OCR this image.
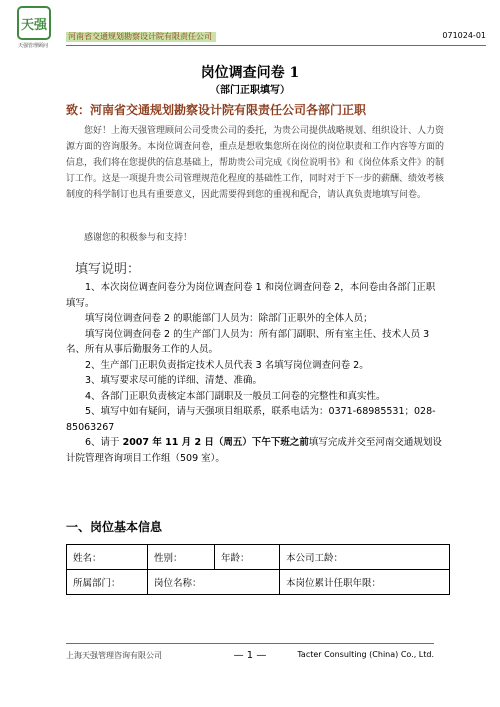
天强
天强管理顾问
河南省交通规划勘察设计院有限责任公司	071024-01
岗位调查问卷 1
（部门正职填写）
致：河南省交通规划勘察设计院有限责任公司各部门正职
您好！上海天强管理顾问公司受贵公司的委托，为贵公司提供战略规划、组织设计、人力资源方面的咨询服务。本岗位调查问卷，重点是想收集您所在岗位的岗位职责和工作内容等方面的信息，我们将在您提供的信息基础上，帮助贵公司完成《岗位说明书》和《岗位体系文件》的制订工作。这是一项提升贵公司管理规范化程度的基础性工作，同时对于下一步的薪酬、绩效考核制度的科学制订也具有重要意义，因此需要得到您的重视和配合，请认真负责地填写问卷。
感谢您的积极参与和支持！
填写说明：

1、本次岗位调查问卷分为岗位调查问卷 1 和岗位调查问卷 2，本问卷由各部门正职填写。

填写岗位调查问卷 2 的职能部门人员为：除部门正职外的全体人员；

填写岗位调查问卷 2 的生产部门人员为：所有部门副职、所有室主任、技术人员 3 名、所有从事后勤服务工作的人员。

2、生产部门正职负责指定技术人员代表 3 名填写岗位调查问卷 2。

3、填写要求尽可能的详细、清楚、准确。

4、各部门正职负责核定本部门副职及一般员工问卷的完整性和真实性。

5、填写中如有疑问，请与天强项目组联系，联系电话为：0371-68985531；028-85063267

6、请于 2007 年 11 月 2 日（周五）下午下班之前填写完成并交至河南交通规划设计院管理咨询项目工作组（509 室）。

一、岗位基本信息
姓名：	性别：	年龄：	本公司工龄：
所属部门：	岗位名称：		本岗位累计任职年限：
上海天强管理咨询有限公司	— 1 —	Tacter Consulting (China) Co., Ltd.
